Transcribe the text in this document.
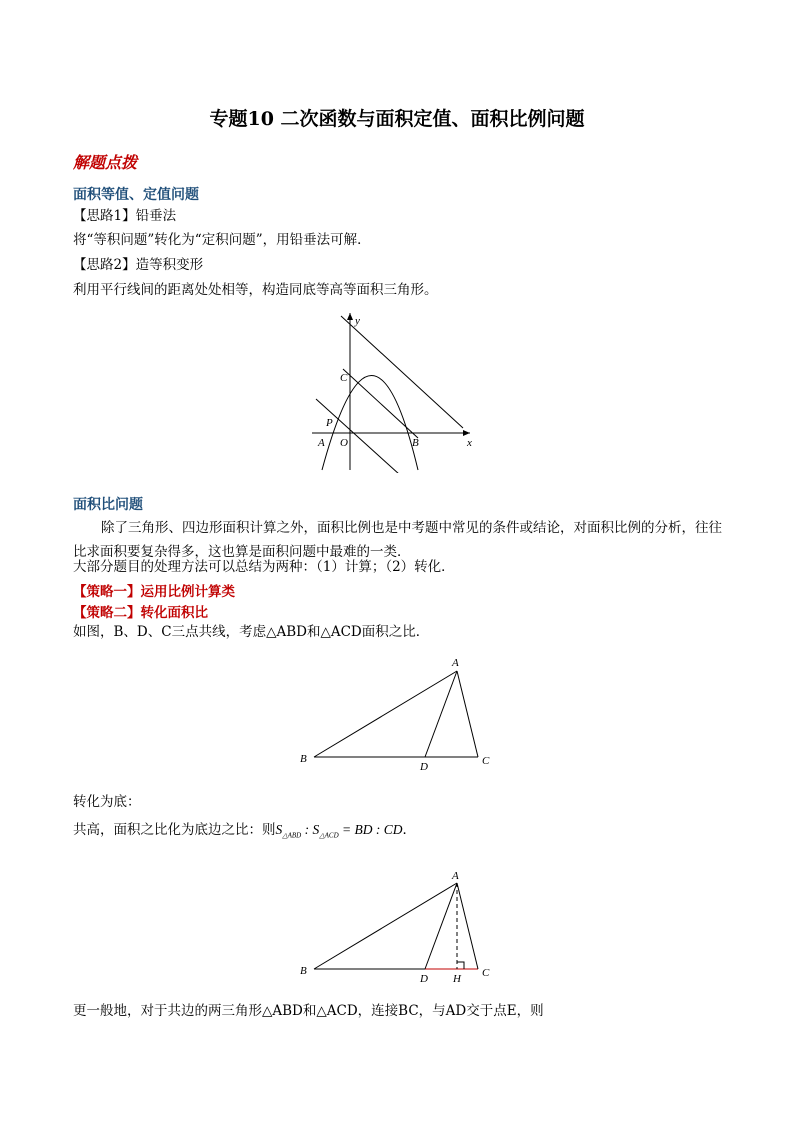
专题10 二次函数与面积定值、面积比例问题
解题点拨
面积等值、定值问题
【思路1】铅垂法
将“等积问题”转化为“定积问题”，用铅垂法可解．
【思路2】造等积变形
利用平行线间的距离处处相等，构造同底等高等面积三角形。
y
C
P
A O	B	x
面积比问题
除了三角形、四边形面积计算之外，面积比例也是中考题中常见的条件或结论，对面积比例的分析，往往比求面积要复杂得多，这也算是面积问题中最难的一类．
大部分题目的处理方法可以总结为两种：（1）计算；（2）转化．
【策略一】运用比例计算类
【策略二】转化面积比
如图，B、D、C三点共线，考虑△ABD和△ACD面积之比．
A
B
D	C
转化为底：
共高，面积之比化为底边之比：则$S_{\triangle ABD}$ : $S_{\triangle ACD}$ = BD : CD．
A
B
D H C
更一般地，对于共边的两三角形△ABD和△ACD，连接BC，与AD交于点E，则
